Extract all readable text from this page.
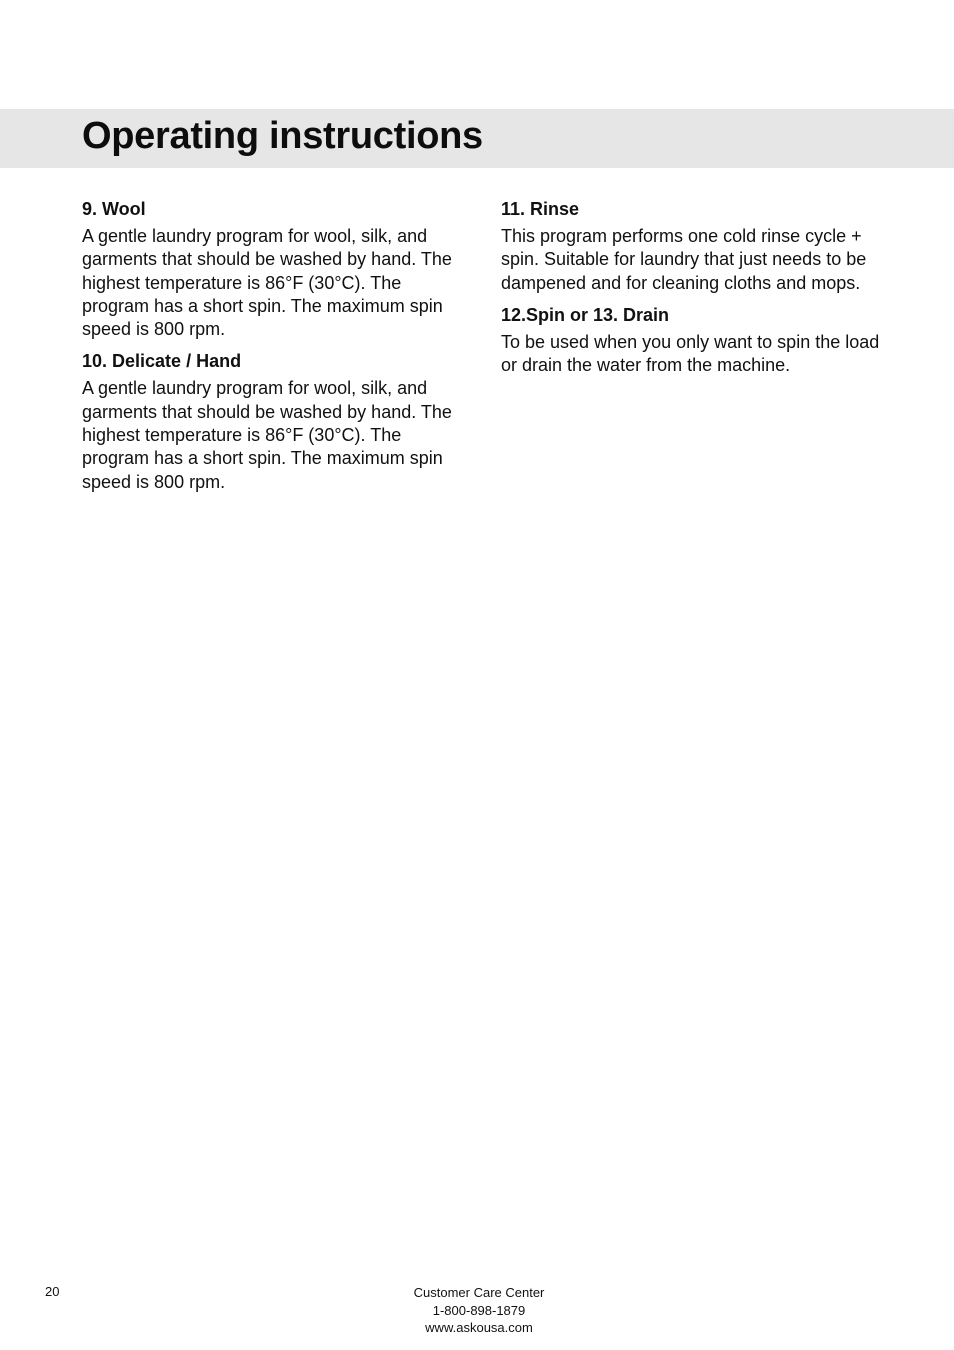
Operating instructions
9. Wool

A gentle laundry program for wool, silk, and garments that should be washed by hand. The highest temperature is 86°F (30°C). The program has a short spin. The maximum spin speed is 800 rpm.

10. Delicate / Hand

A gentle laundry program for wool, silk, and garments that should be washed by hand. The highest temperature is 86°F (30°C). The program has a short spin. The maximum spin speed is 800 rpm.

11. Rinse

This program performs one cold rinse cycle + spin. Suitable for laundry that just needs to be dampened and for cleaning cloths and mops.

12.Spin or 13. Drain

To be used when you only want to spin the load or drain the water from the machine.

20	Customer Care Center
1-800-898-1879
www.askousa.com
